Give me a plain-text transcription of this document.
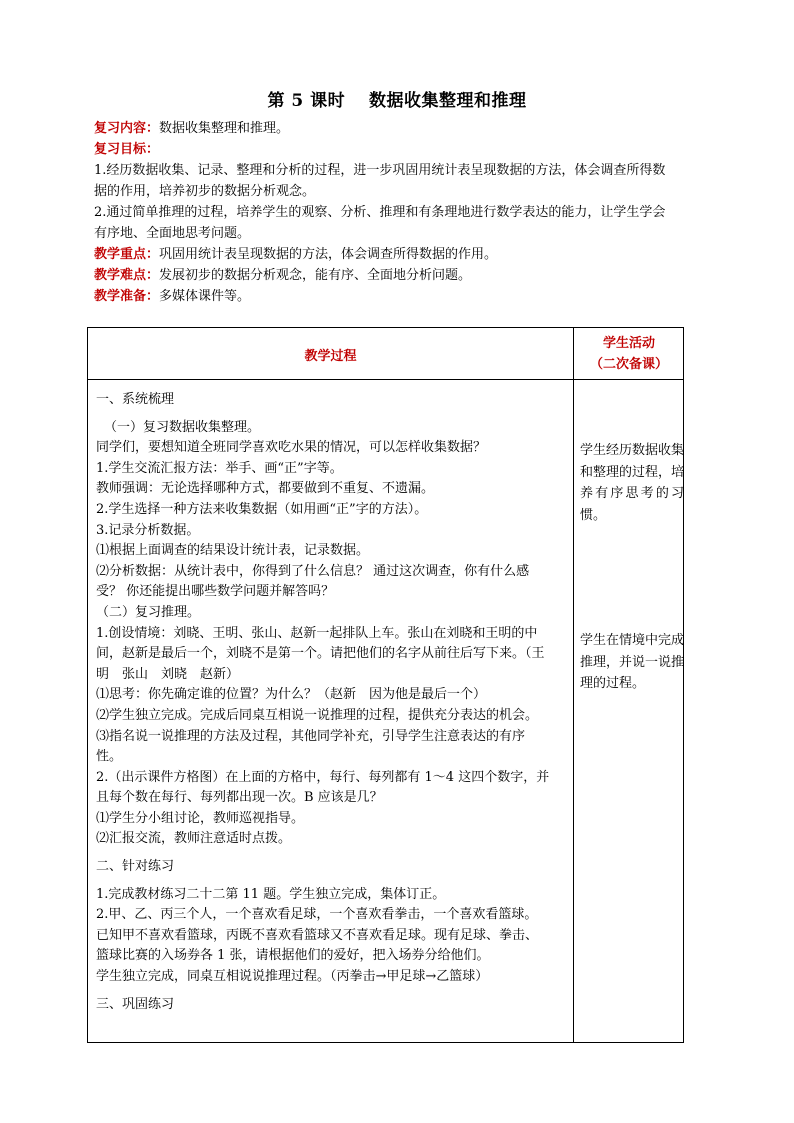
第 5 课时　 数据收集整理和推理
复习内容：数据收集整理和推理。
复习目标：
1.经历数据收集、记录、整理和分析的过程，进一步巩固用统计表呈现数据的方法，体会调查所得数
据的作用，培养初步的数据分析观念。
2.通过简单推理的过程，培养学生的观察、分析、推理和有条理地进行数学表达的能力，让学生学会
有序地、全面地思考问题。
教学重点：巩固用统计表呈现数据的方法，体会调查所得数据的作用。
教学难点：发展初步的数据分析观念，能有序、全面地分析问题。
教学准备：多媒体课件等。
教学过程
学生活动
（二次备课）
一、系统梳理
（一）复习数据收集整理。
同学们，要想知道全班同学喜欢吃水果的情况，可以怎样收集数据？
1.学生交流汇报方法：举手、画“正”字等。
教师强调：无论选择哪种方式，都要做到不重复、不遗漏。
2.学生选择一种方法来收集数据（如用画“正”字的方法）。
3.记录分析数据。
⑴根据上面调查的结果设计统计表，记录数据。
⑵分析数据：从统计表中，你得到了什么信息？ 通过这次调查，你有什么感
受？ 你还能提出哪些数学问题并解答吗？
（二）复习推理。
1.创设情境：刘晓、王明、张山、赵新一起排队上车。张山在刘晓和王明的中
间，赵新是最后一个，刘晓不是第一个。请把他们的名字从前往后写下来。（王
明　张山　刘晓　赵新）
⑴思考：你先确定谁的位置？为什么？（赵新　因为他是最后一个）
⑵学生独立完成。完成后同桌互相说一说推理的过程，提供充分表达的机会。
⑶指名说一说推理的方法及过程，其他同学补充，引导学生注意表达的有序
性。
2.（出示课件方格图）在上面的方格中，每行、每列都有 1～4 这四个数字，并
且每个数在每行、每列都出现一次。B 应该是几？
⑴学生分小组讨论，教师巡视指导。
⑵汇报交流，教师注意适时点拨。
二、针对练习
1.完成教材练习二十二第 11 题。学生独立完成，集体订正。
2.甲、乙、丙三个人，一个喜欢看足球，一个喜欢看拳击，一个喜欢看篮球。
已知甲不喜欢看篮球，丙既不喜欢看篮球又不喜欢看足球。现有足球、拳击、
篮球比赛的入场券各 1 张，请根据他们的爱好，把入场券分给他们。
学生独立完成，同桌互相说说推理过程。（丙拳击→甲足球→乙篮球）
三、巩固练习
学生经历数据收集和整理的过程，培养有序思考的习惯。
学生在情境中完成推理，并说一说推理的过程。
